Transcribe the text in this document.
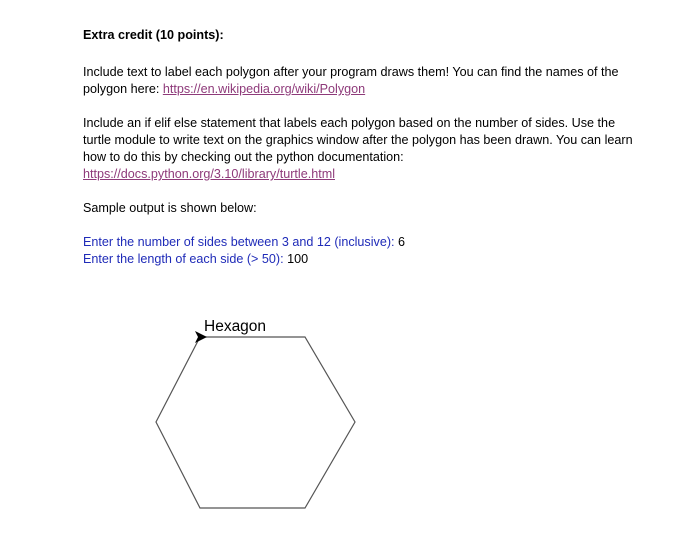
Extra credit (10 points):
Include text to label each polygon after your program draws them! You can find the names of the polygon here: https://en.wikipedia.org/wiki/Polygon
Include an if elif else statement that labels each polygon based on the number of sides. Use the turtle module to write text on the graphics window after the polygon has been drawn. You can learn how to do this by checking out the python documentation:
https://docs.python.org/3.10/library/turtle.html
Sample output is shown below:
Enter the number of sides between 3 and 12 (inclusive): 6
Enter the length of each side (> 50): 100
Hexagon
